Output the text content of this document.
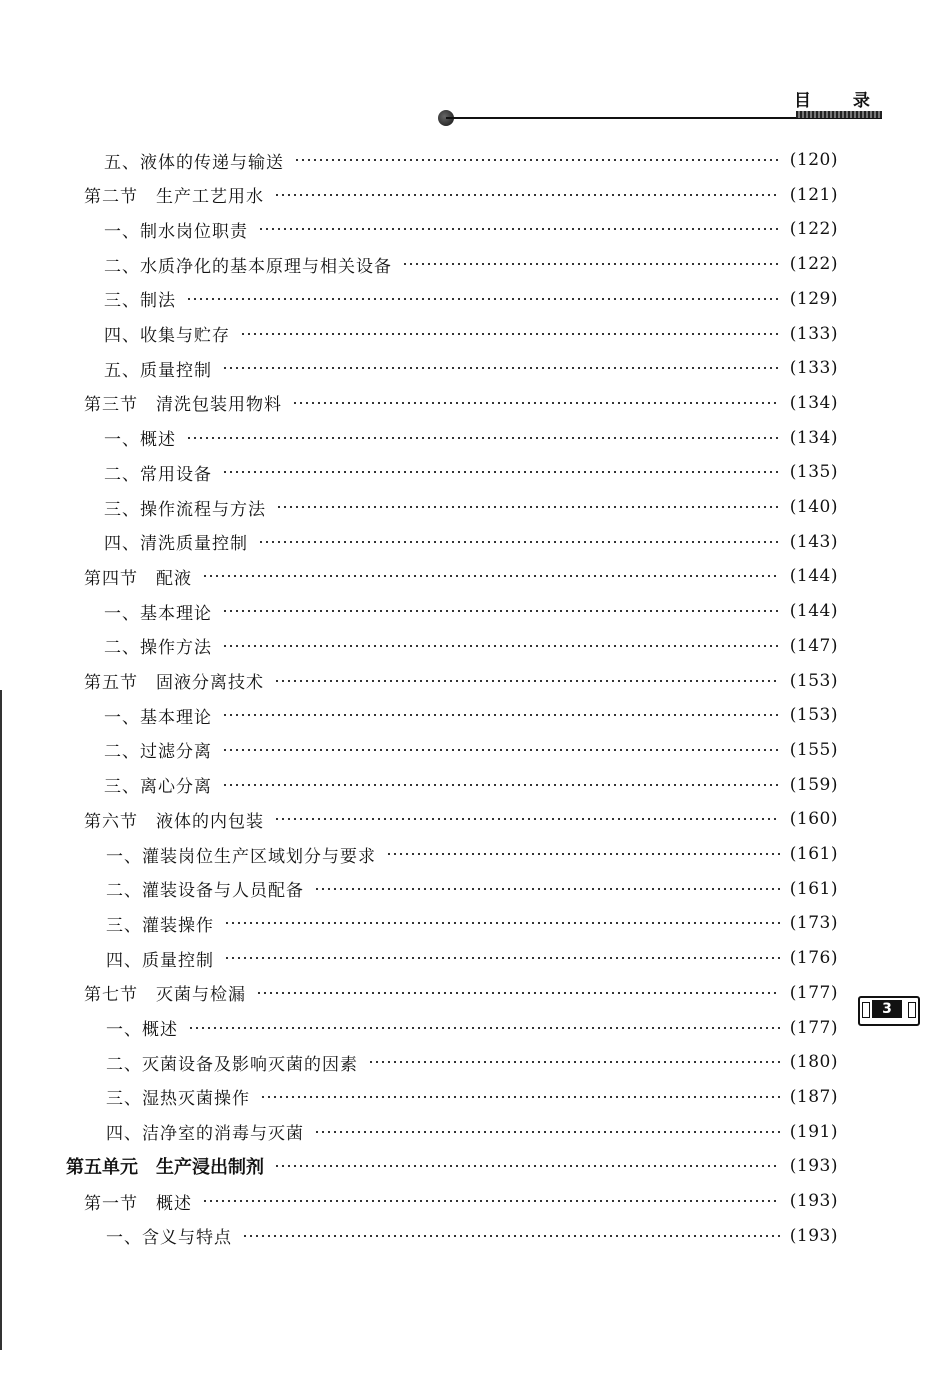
目 录
五、液体的传递与输送	(120)
第二节　生产工艺用水	(121)
一、制水岗位职责	(122)
二、水质净化的基本原理与相关设备	(122)
三、制法	(129)
四、收集与贮存	(133)
五、质量控制	(133)
第三节　清洗包装用物料	(134)
一、概述	(134)
二、常用设备	(135)
三、操作流程与方法	(140)
四、清洗质量控制	(143)
第四节　配液	(144)
一、基本理论	(144)
二、操作方法	(147)
第五节　固液分离技术	(153)
一、基本理论	(153)
二、过滤分离	(155)
三、离心分离	(159)
第六节　液体的内包装	(160)
一、灌装岗位生产区域划分与要求	(161)
二、灌装设备与人员配备	(161)
三、灌装操作	(173)
四、质量控制	(176)
第七节　灭菌与检漏	(177)
一、概述	(177)
二、灭菌设备及影响灭菌的因素	(180)
三、湿热灭菌操作	(187)
四、洁净室的消毒与灭菌	(191)
第五单元　生产浸出制剂	(193)
第一节　概述	(193)
一、含义与特点	(193)
3
